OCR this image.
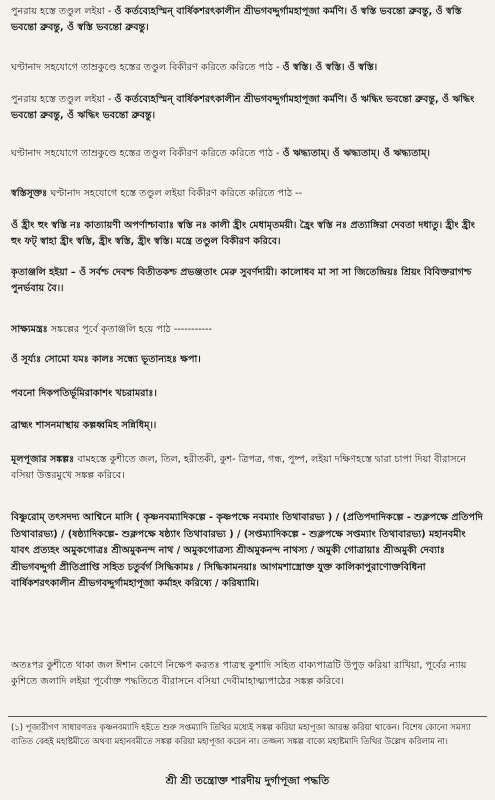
পুনরায় হস্তে তণ্ডুল লইয়া - ওঁ কর্তব্যেহস্মিন্ বার্ষিকশরৎকালীন শ্রীভগবদ্দুর্গামহাপূজা কর্মণি। ওঁ স্বস্তি ভবন্তো ব্রুবন্তু, ওঁ স্বস্তি ভবন্তো ব্রুবন্তু, ওঁ স্বস্তি ভবন্তো ব্রুবন্তু।

ঘণ্টানাদ সহযোগে তাম্রকুণ্ডে হস্তের তণ্ডুল বিকীরণ করিতে করিতে পাঠ - ওঁ স্বস্তি। ওঁ স্বস্তি। ওঁ স্বস্তি।

পুনরায় হস্তে তণ্ডুল লইয়া - ওঁ কর্তব্যেহস্মিন্ বার্ষিকশরৎকালীন শ্রীভগবদ্দুর্গামহাপূজা কর্মণি। ওঁ ঋদ্ধিং ভবন্তো ব্রুবন্তু, ওঁ ঋদ্ধিং ভবন্তো ব্রুবন্তু, ওঁ ঋদ্ধিং ভবন্তো ব্রুবন্তু।

ঘণ্টানাদ সহযোগে তাম্রকুণ্ডে হস্তের তণ্ডুল বিকীরণ করিতে করিতে পাঠ - ওঁ ঋদ্ধ্যতাম্। ওঁ ঋদ্ধ্যতাম্। ওঁ ঋদ্ধ্যতাম্।

স্বস্তিসূক্তঃ ঘণ্টানাদ সহযোগে হস্তে তণ্ডুল লইয়া বিকীরণ করিতে করিতে পাঠ --

ওঁ হ্রীং হুং স্বস্তি নঃ কাত্যায়ণী অপর্ণাশ্চাব্যাঃ স্বস্তি নঃ কালী হ্রীং মেধামৃতময়ী। হ্রৈং স্বস্তি নঃ প্রত্যাঙ্গিরা দেবতা দধাতু। হ্রীং হ্রীং হুং ফট্ স্বাহা হ্রীং স্বস্তি, হ্রীং স্বস্তি, হ্রীং স্বস্তি। মন্ত্রে তণ্ডুল বিকীরণ করিবে।

কৃতাঞ্জলি হইয়া – ওঁ সর্বশ্চ দেবশ্চ বিতীতকশ্চ প্রভঞ্জতাং মেরু সুবর্ণদায়ী। কালোধব মা সা সা জিতেন্দ্রিয়ঃ শ্রিয়ং বিবিক্তরাগশ্চ পুনর্ভবায় বৈ।।

সাক্ষ্যমন্ত্রঃ সঙ্কল্পের পূর্বে কৃতাঞ্জলি হয়ে পাঠ -----------

ওঁ সূর্য্যঃ সোমো যমঃ কালঃ সন্ধ্যে ভূতান্যহঃ ক্ষপা।

পবনো দিকপতির্ভূমিরাকাশং খচরামরাঃ।

ব্রাহ্মং শাসনমাস্থায় কল্পধ্বমিহ সন্নিধিম্।।

মূলপূজার সঙ্কল্পঃ বামহস্তে কুশীতে জল, তিল, হরীতকী, কুশ- ত্রিপত্র, গন্ধ, পুষ্প, লইয়া দক্ষিণহস্তে দ্বারা চাপা দিয়া বীরাসনে বসিয়া উত্তরমুখে সঙ্কল্প করিবে।

বিষ্ণুরোম্ তৎসদদ্য আশ্বিনে মাসি ( কৃষ্ণনবম্যাদিকল্পে - কৃষ্ণপক্ষে নবম্যাং তিথাবারভ্য ) / (প্রতিপদাদিকল্পে - শুক্লপক্ষে প্রতিপদি তিথাবারভ্য) / (ষষ্ঠ্যাদিকল্পে- শুক্লপক্ষে ষষ্ঠ্যাং তিথাবারভ্য ) / (সপ্তম্যাদিকল্পে - শুক্লপক্ষে সপ্তম্যাং তিথাবারভ্য) মহানবমীং যাবৎ প্রত্যহং অমুকগোত্রঃ শ্রীঅমুকনন্দ নাথ / অমুকগোত্রস্য শ্রীঅমুকনন্দ নাথস্য / অমুকী গোত্রায়াঃ শ্রীঅমুকী দেব্যাঃ শ্রীভগবদ্দুর্গা প্রীতিপ্রাপ্তি সহিত চতুর্বর্গ সিদ্ধিকামঃ / সিদ্ধিকামনয়াঃ আগমশাস্ত্রোক্ত যুক্ত কালিকাপুরাণোক্তবিধিনা বার্ষিকশরৎকালীন শ্রীভগবদ্দুর্গামহাপূজা কর্মাহং করিষ্যে / করিষ্যামি।

অতঃপর কুশীতে থাকা জল ঈশান কোণে নিক্ষেপ করতঃ পাত্রস্থ কুশাদি সহিত বাক্যপাত্রটি উপুড় করিয়া রাখিয়া, পূর্বের ন্যায় কুশিতে জলাদি লইয়া পূর্বোক্ত পদ্ধতিতে বীরাসনে বসিয়া দেবীমাহাত্ম্যপাঠের সঙ্কল্প করিবে।

(১) পূজারীগণ সাধারণতঃ কৃষ্ণনবম্যাদি হইতে শুরু সপ্তম্যাদি তিথির মধ্যেই সঙ্কল্প করিয়া মহাপূজা আরম্ভ করিয়া থাকেন। বিশেষ কোনো সমস্যা ব্যতিত কেহই মহাষ্টমীতে অথবা মহানবমীতে সঙ্কল্প করিয়া মহাপূজা করেন না। তজ্জন্য সঙ্কল্প বাক্যে মহাষ্টমাদি তিথির উল্লেখ করিলাম না।

শ্রী শ্রী তন্ত্রোক্ত শারদীয় দুর্গাপূজা পদ্ধতি
